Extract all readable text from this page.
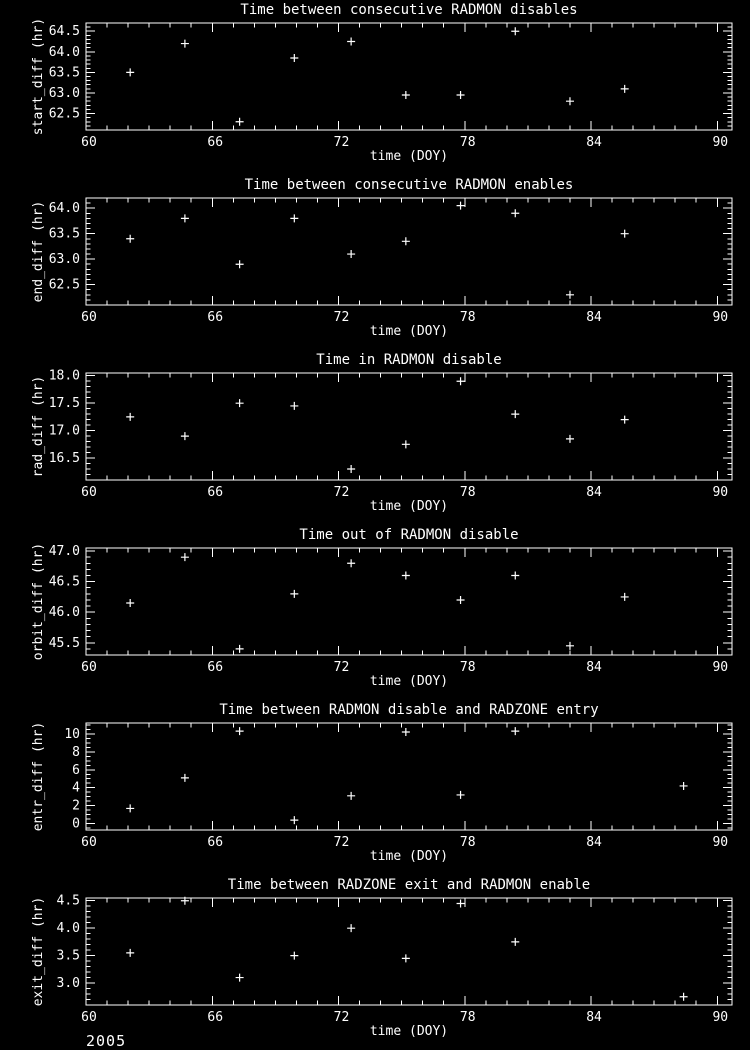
60	66	72	78	84	90
62.5
63.0
63.5
64.0
64.5
Time between consecutive RADMON disables
time (DOY)
start_diff (hr)
60	66	72	78	84	90
62.5
63.0
63.5
64.0
Time between consecutive RADMON enables
time (DOY)
end_diff (hr)
60	66	72	78	84	90
16.5
17.0
17.5
18.0
Time in RADMON disable
time (DOY)
rad_diff (hr)
60	66	72	78	84	90
45.5
46.0
46.5
47.0
Time out of RADMON disable
time (DOY)
orbit_diff (hr)
60	66	72	78	84	90
0
2
4
6
8
10
Time between RADMON disable and RADZONE entry
time (DOY)
entr_diff (hr)
60	66	72	78	84	90
3.0
3.5
4.0
4.5
Time between RADZONE exit and RADMON enable
time (DOY)
exit_diff (hr)
2005
